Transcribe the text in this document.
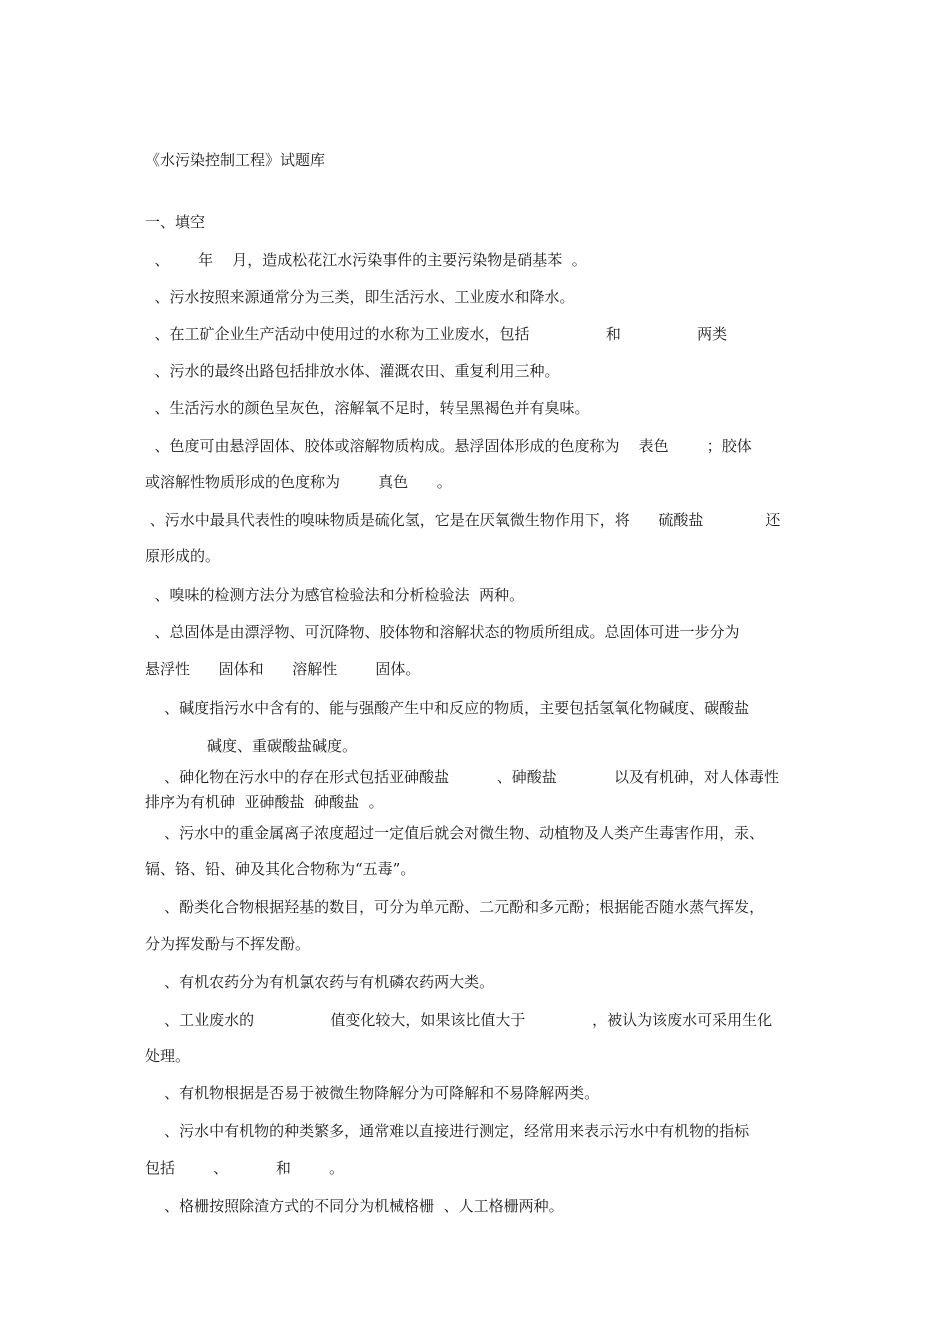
《水污染控制工程》试题库
一、填空
、      年    月，造成松花江水污染事件的主要污染物是硝基苯  。
、污水按照来源通常分为三类，即生活污水、工业废水和降水。
、在工矿企业生产活动中使用过的水称为工业废水，包括                和                两类
、污水的最终出路包括排放水体、灌溉农田、重复利用三种。
、生活污水的颜色呈灰色，溶解氧不足时，转呈黑褐色并有臭味。
、色度可由悬浮固体、胶体或溶解物质构成。悬浮固体形成的色度称为    表色        ；胶体
或溶解性物质形成的色度称为        真色      。
、污水中最具代表性的嗅味物质是硫化氢，它是在厌氧微生物作用下，将      硫酸盐             还
原形成的。
、嗅味的检测方法分为感官检验法和分析检验法  两种。
、总固体是由漂浮物、可沉降物、胶体物和溶解状态的物质所组成。总固体可进一步分为
悬浮性      固体和      溶解性        固体。
、碱度指污水中含有的、能与强酸产生中和反应的物质，主要包括氢氧化物碱度、碳酸盐
碱度、重碳酸盐碱度。
、砷化物在污水中的存在形式包括亚砷酸盐          、砷酸盐            以及有机砷，对人体毒性
排序为有机砷  亚砷酸盐  砷酸盐  。
、污水中的重金属离子浓度超过一定值后就会对微生物、动植物及人类产生毒害作用，汞、
镉、铬、铅、砷及其化合物称为“五毒”。
、酚类化合物根据羟基的数目，可分为单元酚、二元酚和多元酚；根据能否随水蒸气挥发，
分为挥发酚与不挥发酚。
、有机农药分为有机氯农药与有机磷农药两大类。
、工业废水的                值变化较大，如果该比值大于              ，被认为该废水可采用生化
处理。
、有机物根据是否易于被微生物降解分为可降解和不易降解两类。
、污水中有机物的种类繁多，通常难以直接进行测定，经常用来表示污水中有机物的指标
包括        、          和        。
、格栅按照除渣方式的不同分为机械格栅  、人工格栅两种。
